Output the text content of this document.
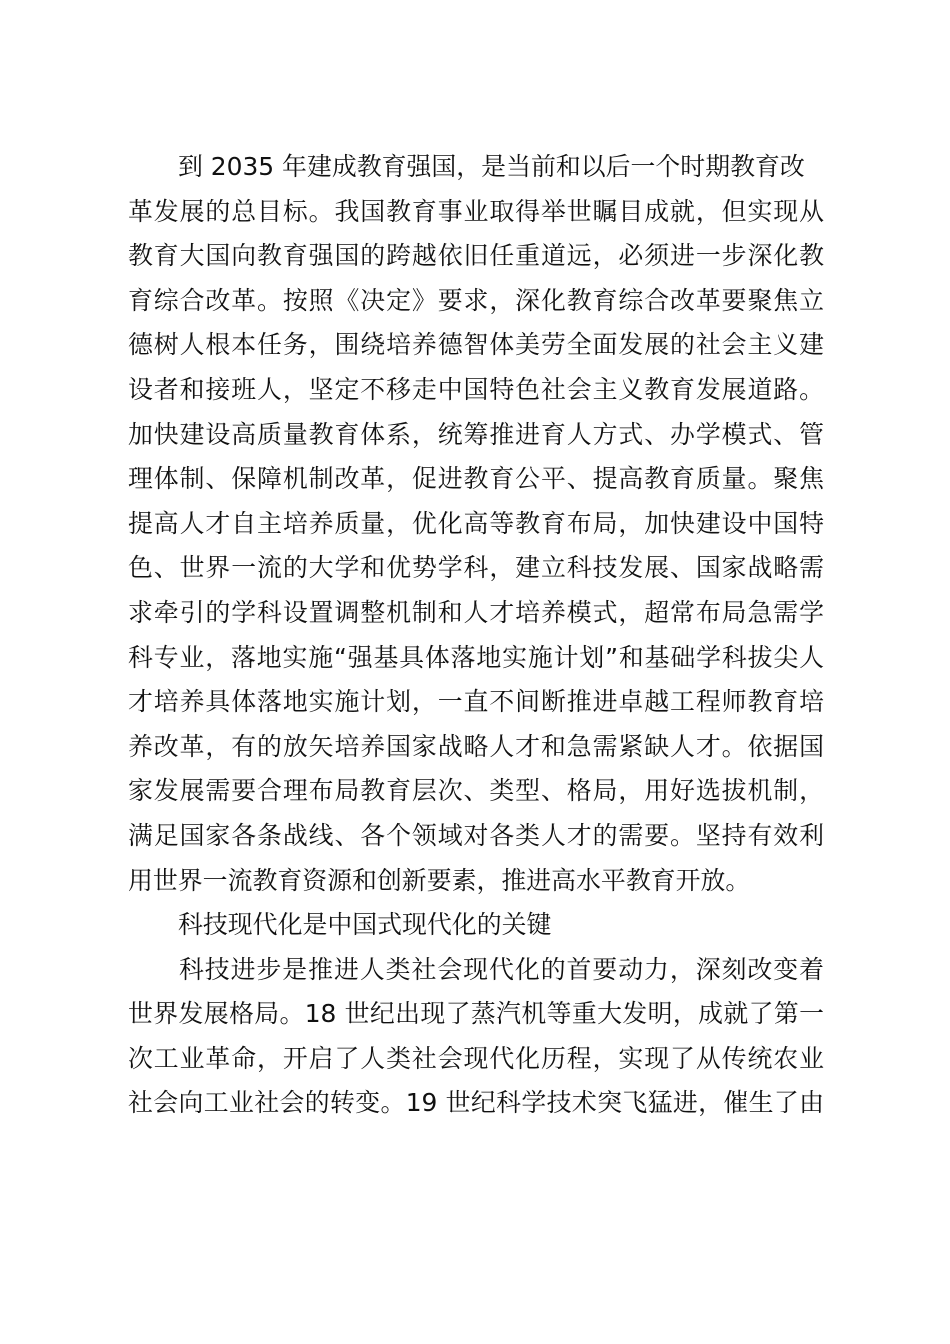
到 2035 年建成教育强国，是当前和以后一个时期教育改
革发展的总目标。我国教育事业取得举世瞩目成就，但实现从
教育大国向教育强国的跨越依旧任重道远，必须进一步深化教
育综合改革。按照《决定》要求，深化教育综合改革要聚焦立
德树人根本任务，围绕培养德智体美劳全面发展的社会主义建
设者和接班人，坚定不移走中国特色社会主义教育发展道路。
加快建设高质量教育体系，统筹推进育人方式、办学模式、管
理体制、保障机制改革，促进教育公平、提高教育质量。聚焦
提高人才自主培养质量，优化高等教育布局，加快建设中国特
色、世界一流的大学和优势学科，建立科技发展、国家战略需
求牵引的学科设置调整机制和人才培养模式，超常布局急需学
科专业，落地实施“强基具体落地实施计划”和基础学科拔尖人
才培养具体落地实施计划，一直不间断推进卓越工程师教育培
养改革，有的放矢培养国家战略人才和急需紧缺人才。依据国
家发展需要合理布局教育层次、类型、格局，用好选拔机制，
满足国家各条战线、各个领域对各类人才的需要。坚持有效利
用世界一流教育资源和创新要素，推进高水平教育开放。
科技现代化是中国式现代化的关键
科技进步是推进人类社会现代化的首要动力，深刻改变着
世界发展格局。18 世纪出现了蒸汽机等重大发明，成就了第一
次工业革命，开启了人类社会现代化历程，实现了从传统农业
社会向工业社会的转变。19 世纪科学技术突飞猛进，催生了由
